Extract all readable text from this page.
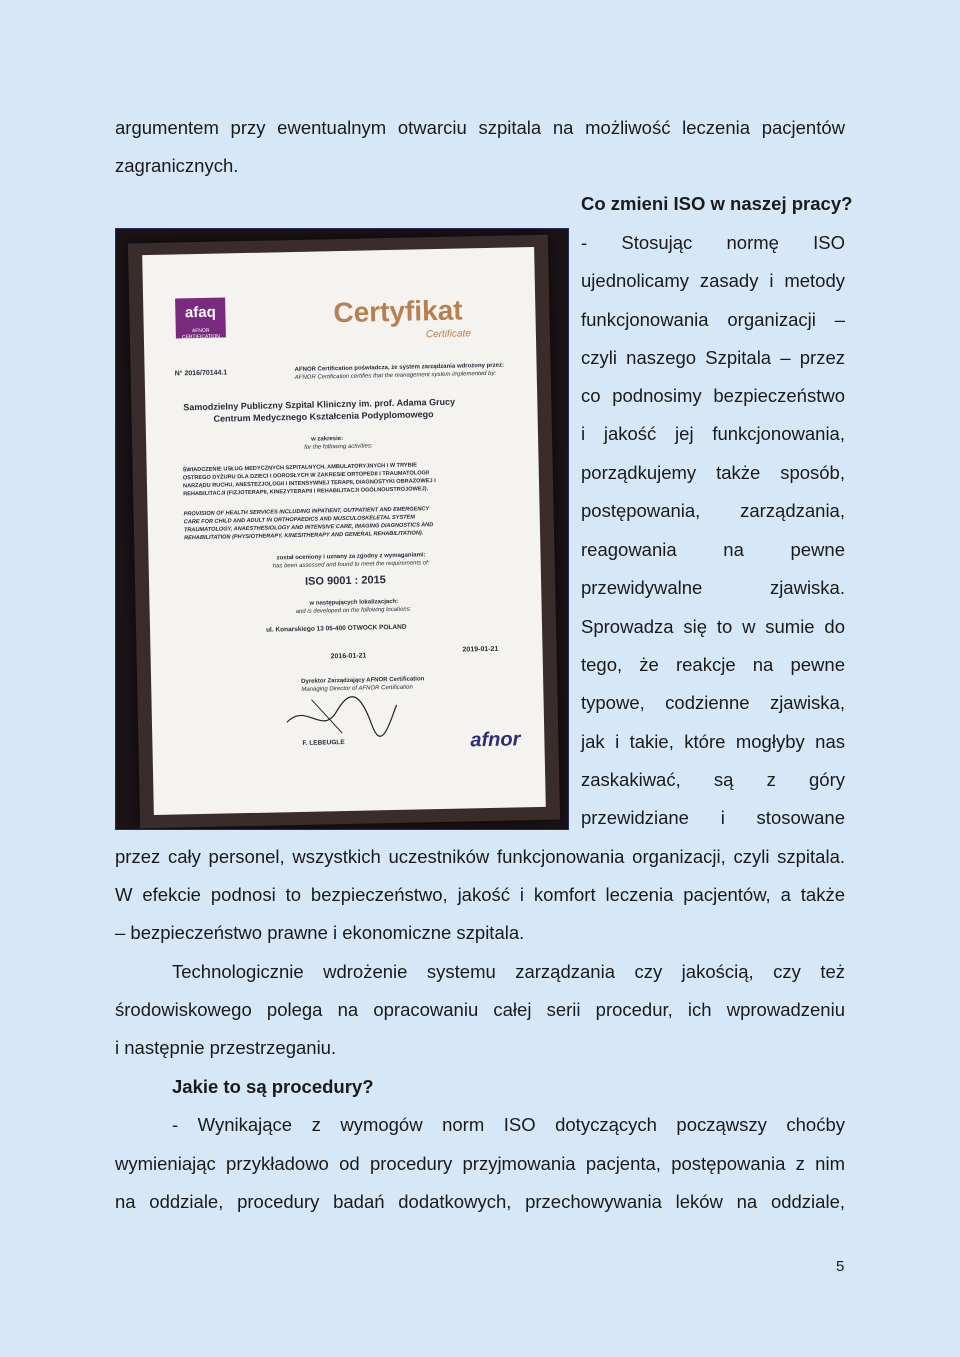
argumentem przy ewentualnym otwarciu szpitala na możliwość leczenia pacjentów
zagranicznych.
Co zmieni ISO w naszej pracy?
afaq
AFNOR CERTIFICATION
Certyfikat
Certificate
N° 2016/70144.1
AFNOR Certification poświadcza, że system zarządzania wdrożony przez:
AFNOR Certification certifies that the management system implemented by:
Samodzielny Publiczny Szpital Kliniczny im. prof. Adama Grucy
Centrum Medycznego Kształcenia Podyplomowego
w zakresie:
for the following activities:
ŚWIADCZENIE USŁUG MEDYCZNYCH SZPITALNYCH, AMBULATORYJNYCH I W TRYBIE
OSTREGO DYŻURU DLA DZIECI I DOROSŁYCH W ZAKRESIE ORTOPEDII I TRAUMATOLOGII
NARZĄDU RUCHU, ANESTEZJOLOGII I INTENSYWNEJ TERAPII, DIAGNOSTYKI OBRAZOWEJ I
REHABILITACJI (FIZJOTERAPII, KINEZYTERAPII I REHABILITACJI OGÓLNOUSTROJOWEJ).
PROVISION OF HEALTH SERVICES INCLUDING INPATIENT, OUTPATIENT AND EMERGENCY
CARE FOR CHILD AND ADULT IN ORTHOPAEDICS AND MUSCULOSKELETAL SYSTEM
TRAUMATOLOGY, ANAESTHESIOLOGY AND INTENSIVE CARE, IMAGING DIAGNOSTICS AND
REHABILITATION (PHYSIOTHERAPY, KINESITHERAPY AND GENERAL REHABILITATION).
został oceniony i uznany za zgodny z wymaganiami:
has been assessed and found to meet the requirements of:
ISO 9001 : 2015
w następujących lokalizacjach:
and is developed on the following locations:
ul. Konarskiego 13 05-400 OTWOCK POLAND
2016-01-21
2019-01-21
Dyrektor Zarządzający AFNOR Certification
Managing Director of AFNOR Certification
F. LEBEUGLE	afnor
- Stosując normę ISO
ujednolicamy zasady i metody
funkcjonowania organizacji –
czyli naszego Szpitala – przez
co podnosimy bezpieczeństwo
i jakość jej funkcjonowania,
porządkujemy także sposób,
postępowania, zarządzania,
reagowania na pewne
przewidywalne zjawiska.
Sprowadza się to w sumie do
tego, że reakcje na pewne
typowe, codzienne zjawiska,
jak i takie, które mogłyby nas
zaskakiwać, są z góry
przewidziane i stosowane
przez cały personel, wszystkich uczestników funkcjonowania organizacji, czyli szpitala.
W efekcie podnosi to bezpieczeństwo, jakość i komfort leczenia pacjentów, a także
– bezpieczeństwo prawne i ekonomiczne szpitala.
Technologicznie wdrożenie systemu zarządzania czy jakością, czy też
środowiskowego polega na opracowaniu całej serii procedur, ich wprowadzeniu
i następnie przestrzeganiu.
Jakie to są procedury?
- Wynikające z wymogów norm ISO dotyczących począwszy choćby
wymieniając przykładowo od procedury przyjmowania pacjenta, postępowania z nim
na oddziale, procedury badań dodatkowych, przechowywania leków na oddziale,
5
